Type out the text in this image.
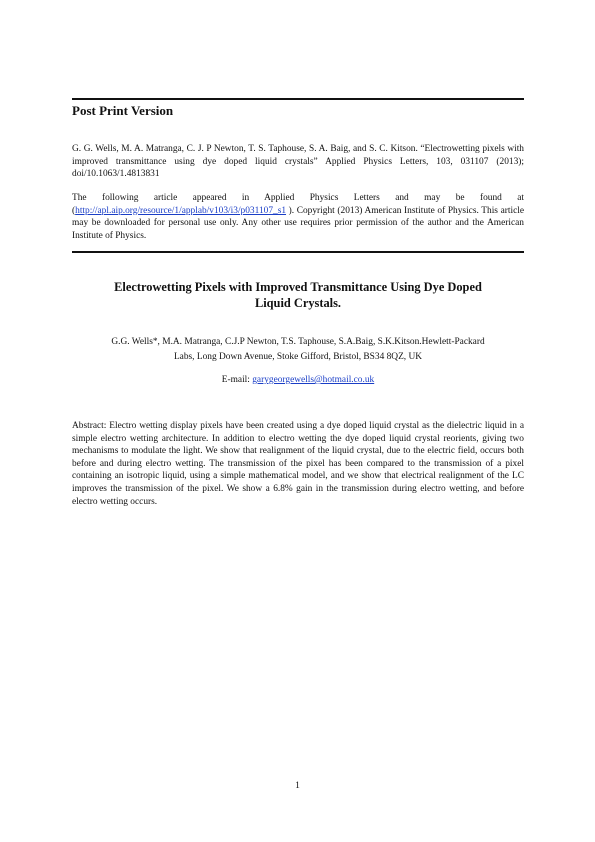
Post Print Version
G. G. Wells, M. A. Matranga, C. J. P Newton, T. S. Taphouse, S. A. Baig, and S. C. Kitson. “Electrowetting pixels with improved transmittance using dye doped liquid crystals” Applied Physics Letters, 103, 031107 (2013); doi/10.1063/1.4813831
The following article appeared in Applied Physics Letters and may be found at (http://apl.aip.org/resource/1/applab/v103/i3/p031107_s1 ). Copyright (2013) American Institute of Physics. This article may be downloaded for personal use only. Any other use requires prior permission of the author and the American Institute of Physics.
Electrowetting Pixels with Improved Transmittance Using Dye Doped
Liquid Crystals.
G.G. Wells*, M.A. Matranga, C.J.P Newton, T.S. Taphouse, S.A.Baig, S.K.Kitson.Hewlett-Packard
Labs, Long Down Avenue, Stoke Gifford, Bristol, BS34 8QZ, UK
E-mail: garygeorgewells@hotmail.co.uk
Abstract: Electro wetting display pixels have been created using a dye doped liquid crystal as the dielectric liquid in a simple electro wetting architecture. In addition to electro wetting the dye doped liquid crystal reorients, giving two mechanisms to modulate the light. We show that realignment of the liquid crystal, due to the electric field, occurs both before and during electro wetting. The transmission of the pixel has been compared to the transmission of a pixel containing an isotropic liquid, using a simple mathematical model, and we show that electrical realignment of the LC improves the transmission of the pixel. We show a 6.8% gain in the transmission during electro wetting, and before electro wetting occurs.
1
